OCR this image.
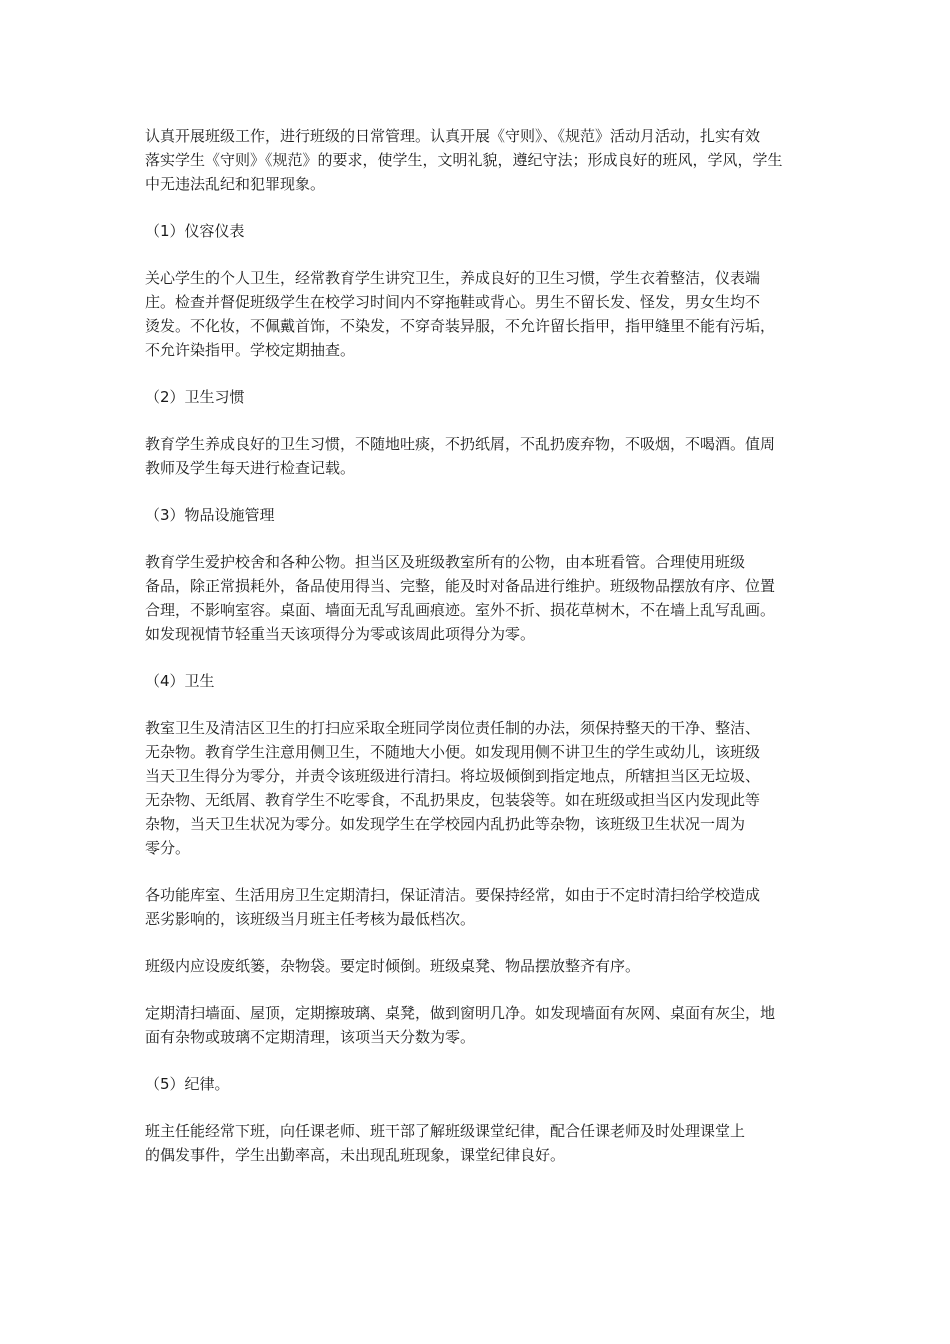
认真开展班级工作，进行班级的日常管理。认真开展《守则》、《规范》活动月活动，扎实有效
落实学生《守则》《规范》的要求，使学生，文明礼貌，遵纪守法；形成良好的班风，学风，学生
中无违法乱纪和犯罪现象。

（1）仪容仪表

关心学生的个人卫生，经常教育学生讲究卫生，养成良好的卫生习惯，学生衣着整洁，仪表端
庄。检查并督促班级学生在校学习时间内不穿拖鞋或背心。男生不留长发、怪发，男女生均不
烫发。不化妆，不佩戴首饰，不染发，不穿奇装异服，不允许留长指甲，指甲缝里不能有污垢，
不允许染指甲。学校定期抽查。

（2）卫生习惯

教育学生养成良好的卫生习惯，不随地吐痰，不扔纸屑，不乱扔废弃物，不吸烟，不喝酒。值周
教师及学生每天进行检查记载。

（3）物品设施管理

教育学生爱护校舍和各种公物。担当区及班级教室所有的公物，由本班看管。合理使用班级
备品，除正常损耗外，备品使用得当、完整，能及时对备品进行维护。班级物品摆放有序、位置
合理，不影响室容。桌面、墙面无乱写乱画痕迹。室外不折、损花草树木，不在墙上乱写乱画。
如发现视情节轻重当天该项得分为零或该周此项得分为零。

（4）卫生

教室卫生及清洁区卫生的打扫应采取全班同学岗位责任制的办法，须保持整天的干净、整洁、
无杂物。教育学生注意用侧卫生，不随地大小便。如发现用侧不讲卫生的学生或幼儿，该班级
当天卫生得分为零分，并责令该班级进行清扫。将垃圾倾倒到指定地点，所辖担当区无垃圾、
无杂物、无纸屑、教育学生不吃零食，不乱扔果皮，包装袋等。如在班级或担当区内发现此等
杂物，当天卫生状况为零分。如发现学生在学校园内乱扔此等杂物，该班级卫生状况一周为
零分。

各功能库室、生活用房卫生定期清扫，保证清洁。要保持经常，如由于不定时清扫给学校造成
恶劣影响的，该班级当月班主任考核为最低档次。

班级内应设废纸篓，杂物袋。要定时倾倒。班级桌凳、物品摆放整齐有序。

定期清扫墙面、屋顶，定期擦玻璃、桌凳，做到窗明几净。如发现墙面有灰网、桌面有灰尘，地
面有杂物或玻璃不定期清理，该项当天分数为零。

（5）纪律。

班主任能经常下班，向任课老师、班干部了解班级课堂纪律，配合任课老师及时处理课堂上
的偶发事件，学生出勤率高，未出现乱班现象，课堂纪律良好。
